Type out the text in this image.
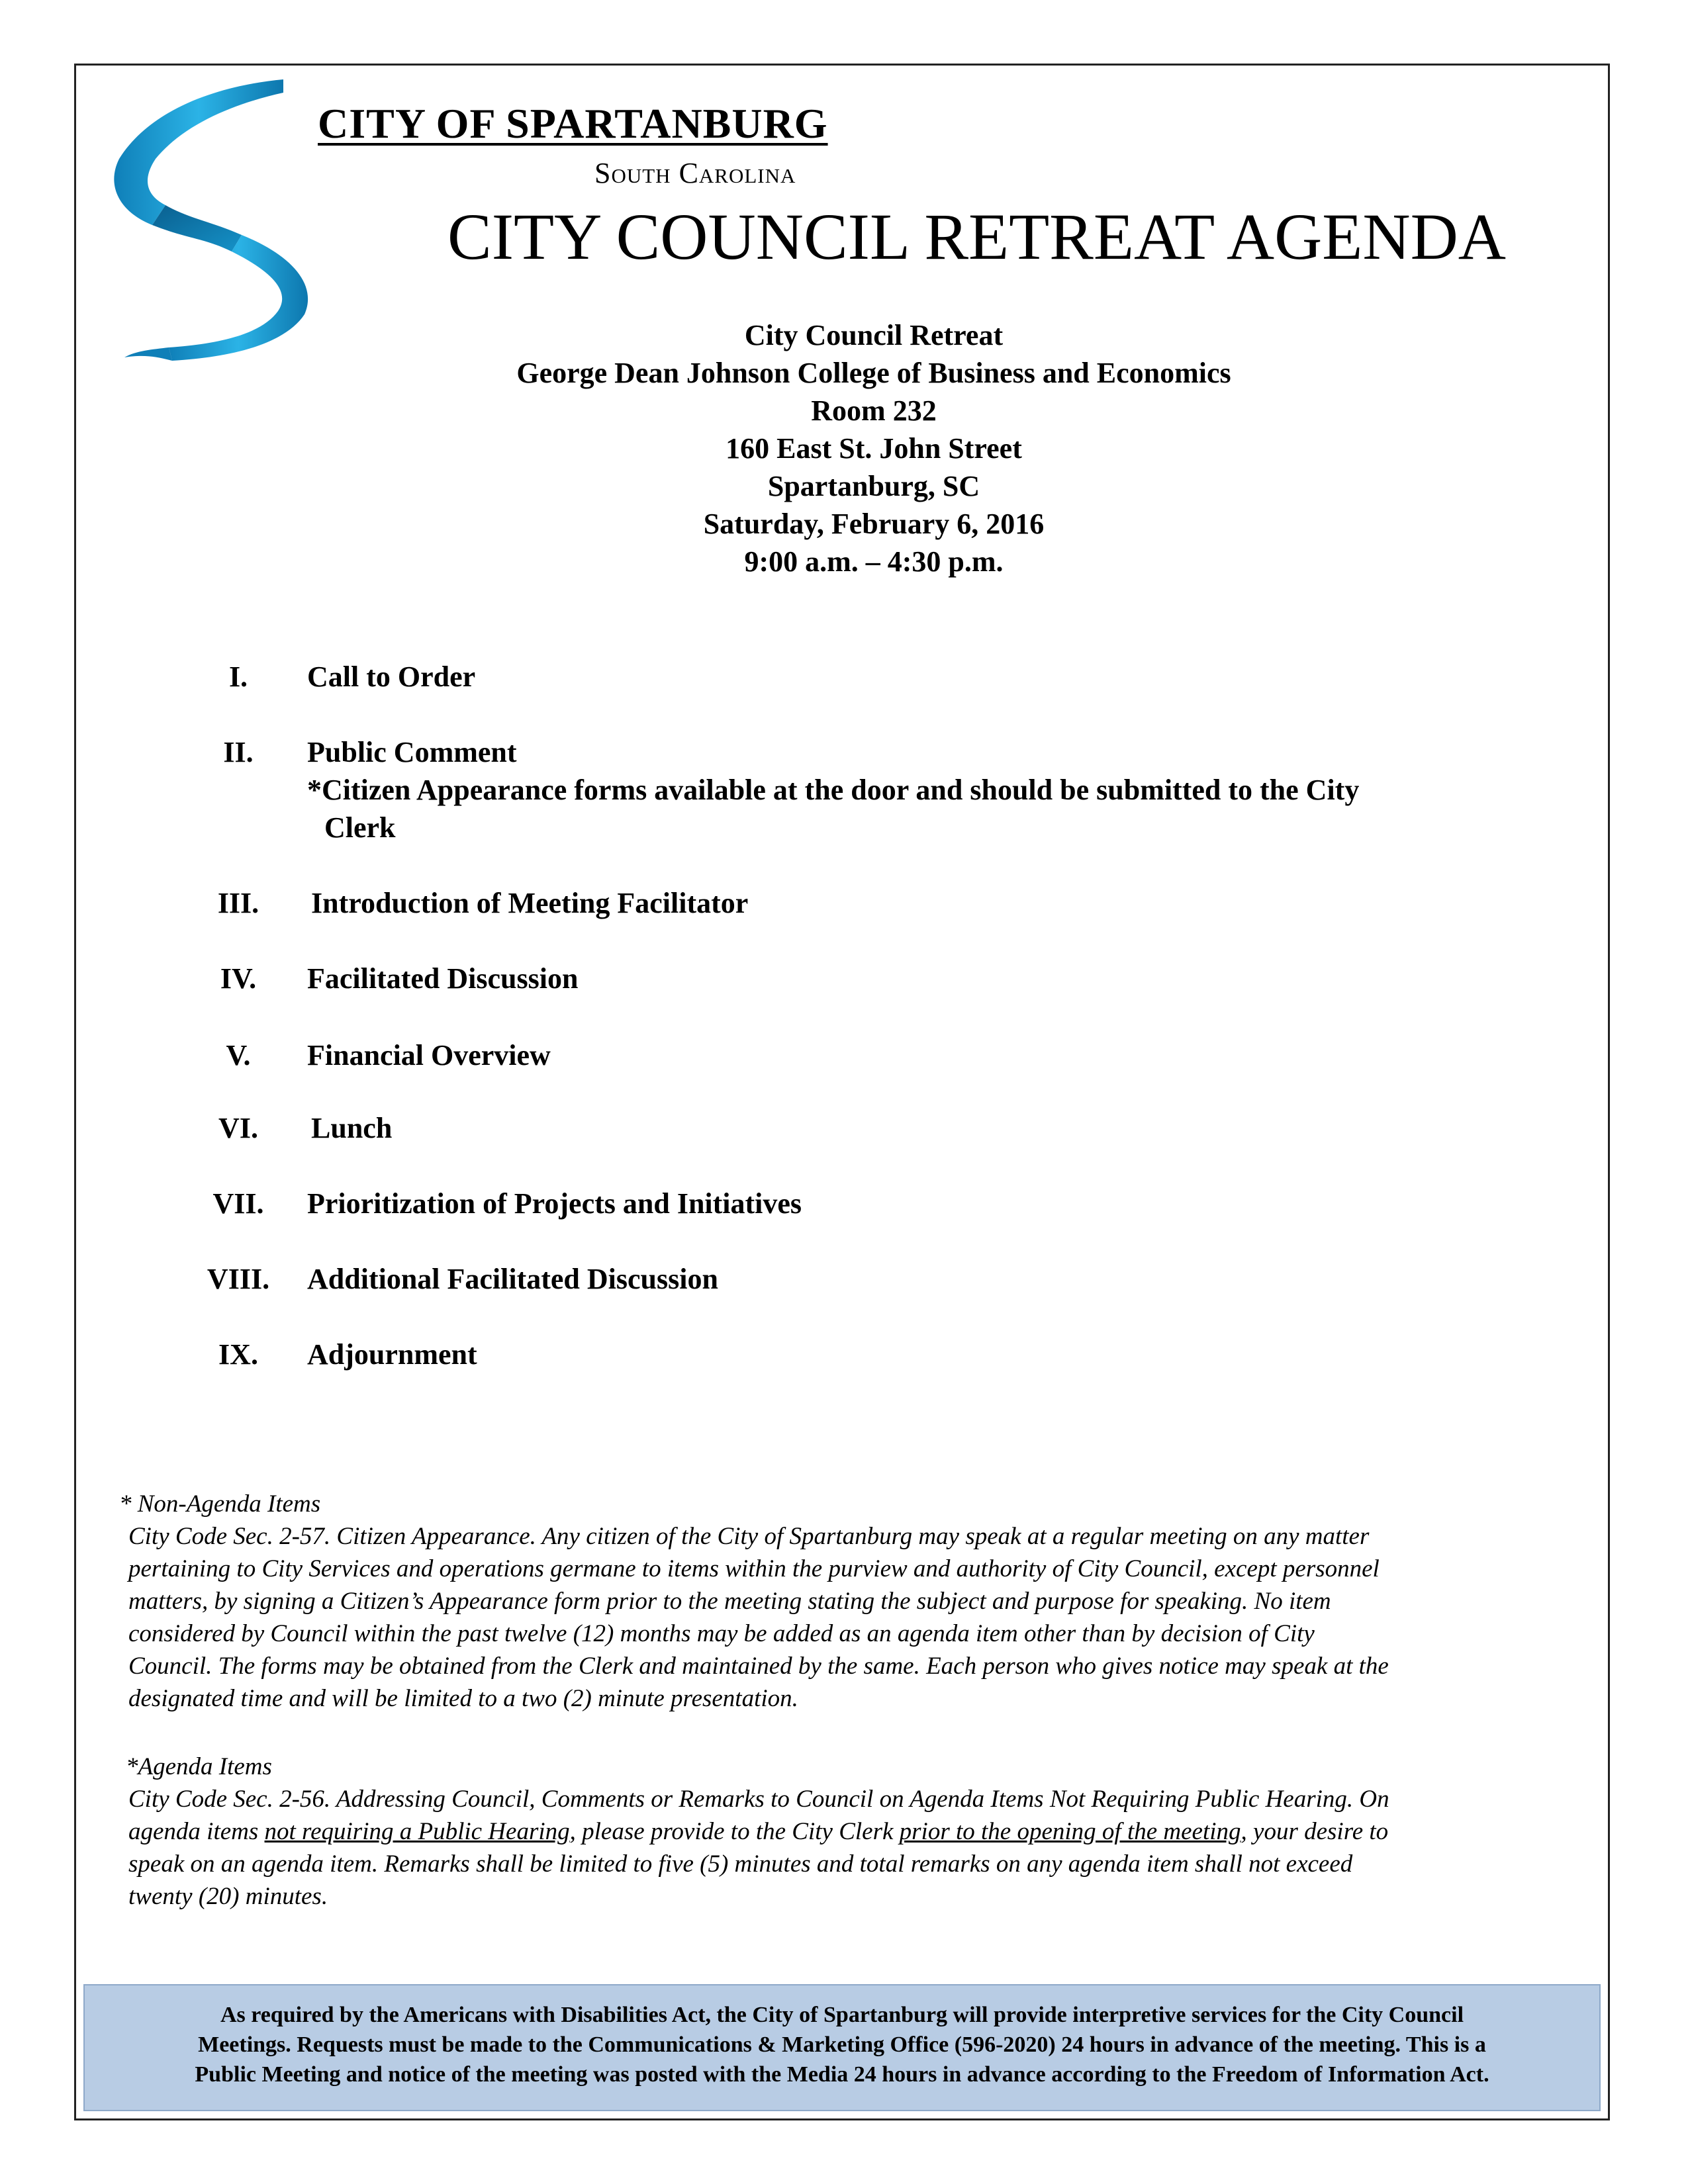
CITY OF SPARTANBURG
South Carolina
CITY COUNCIL RETREAT AGENDA
City Council Retreat
George Dean Johnson College of Business and Economics
Room 232
160 East St. John Street
Spartanburg, SC
Saturday, February 6, 2016
9:00 a.m. – 4:30 p.m.
I.	Call to Order
II.	Public Comment
*Citizen Appearance forms available at the door and should be submitted to the City
Clerk
III.	Introduction of Meeting Facilitator
IV.	Facilitated Discussion
V.	Financial Overview
VI.	Lunch
VII.	Prioritization of Projects and Initiatives
VIII. Additional Facilitated Discussion
IX.	Adjournment
* Non-Agenda Items
City Code Sec. 2-57. Citizen Appearance. Any citizen of the City of Spartanburg may speak at a regular meeting on any matter
pertaining to City Services and operations germane to items within the purview and authority of City Council, except personnel
matters, by signing a Citizen’s Appearance form prior to the meeting stating the subject and purpose for speaking. No item
considered by Council within the past twelve (12) months may be added as an agenda item other than by decision of City
Council. The forms may be obtained from the Clerk and maintained by the same. Each person who gives notice may speak at the
designated time and will be limited to a two (2) minute presentation.
*Agenda Items
City Code Sec. 2-56. Addressing Council, Comments or Remarks to Council on Agenda Items Not Requiring Public Hearing. On
agenda items not requiring a Public Hearing, please provide to the City Clerk prior to the opening of the meeting, your desire to
speak on an agenda item. Remarks shall be limited to five (5) minutes and total remarks on any agenda item shall not exceed
twenty (20) minutes.
As required by the Americans with Disabilities Act, the City of Spartanburg will provide interpretive services for the City Council
Meetings. Requests must be made to the Communications & Marketing Office (596-2020) 24 hours in advance of the meeting. This is a
Public Meeting and notice of the meeting was posted with the Media 24 hours in advance according to the Freedom of Information Act.
